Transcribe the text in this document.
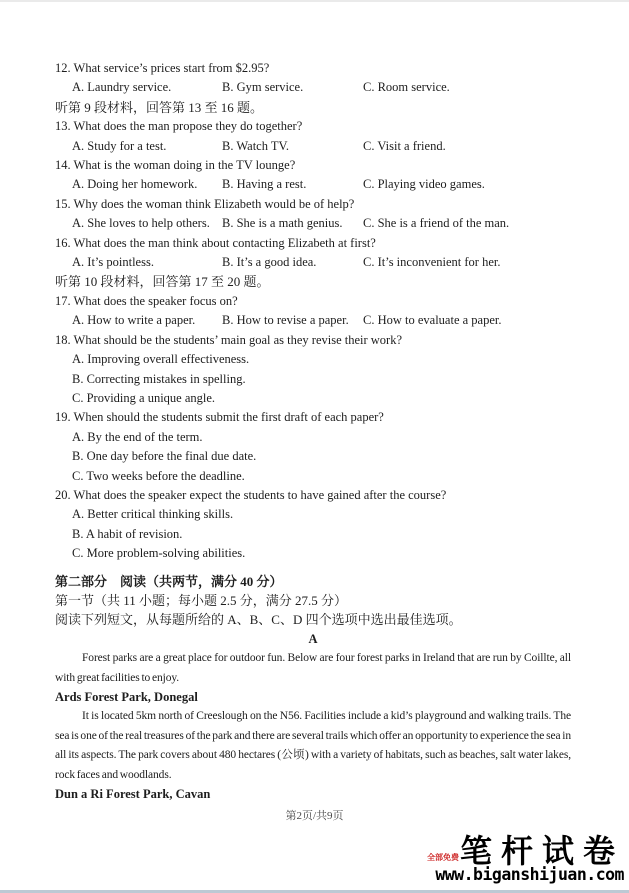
12. What service’s prices start from $2.95?
A. Laundry service.	B. Gym service.	C. Room service.
听第 9 段材料，回答第 13 至 16 题。
13. What does the man propose they do together?
A. Study for a test.	B. Watch TV.	C. Visit a friend.
14. What is the woman doing in the TV lounge?
A. Doing her homework.	B. Having a rest.	C. Playing video games.
15. Why does the woman think Elizabeth would be of help?
A. She loves to help others. B. She is a math genius.	C. She is a friend of the man.
16. What does the man think about contacting Elizabeth at first?
A. It’s pointless.	B. It’s a good idea.	C. It’s inconvenient for her.
听第 10 段材料，回答第 17 至 20 题。
17. What does the speaker focus on?
A. How to write a paper.	B. How to revise a paper.	C. How to evaluate a paper.
18. What should be the students’ main goal as they revise their work?
A. Improving overall effectiveness.
B. Correcting mistakes in spelling.
C. Providing a unique angle.
19. When should the students submit the first draft of each paper?
A. By the end of the term.
B. One day before the final due date.
C. Two weeks before the deadline.
20. What does the speaker expect the students to have gained after the course?
A. Better critical thinking skills.
B. A habit of revision.
C. More problem-solving abilities.
第二部分　阅读（共两节，满分 40 分）
第一节（共 11 小题；每小题 2.5 分，满分 27.5 分）
阅读下列短文，从每题所给的 A、B、C、D 四个选项中选出最佳选项。
A
Forest parks are a great place for outdoor fun. Below are four forest parks in Ireland that are run by Coillte, all with great facilities to enjoy.
Ards Forest Park, Donegal
It is located 5km north of Creeslough on the N56. Facilities include a kid’s playground and walking trails. The sea is one of the real treasures of the park and there are several trails which offer an opportunity to experience the sea in all its aspects. The park covers about 480 hectares (公顷) with a variety of habitats, such as beaches, salt water lakes, rock faces and woodlands.
Dun a Ri Forest Park, Cavan
第2页/共9页
全部免费 笔杆试卷
www.biganshijuan.com
